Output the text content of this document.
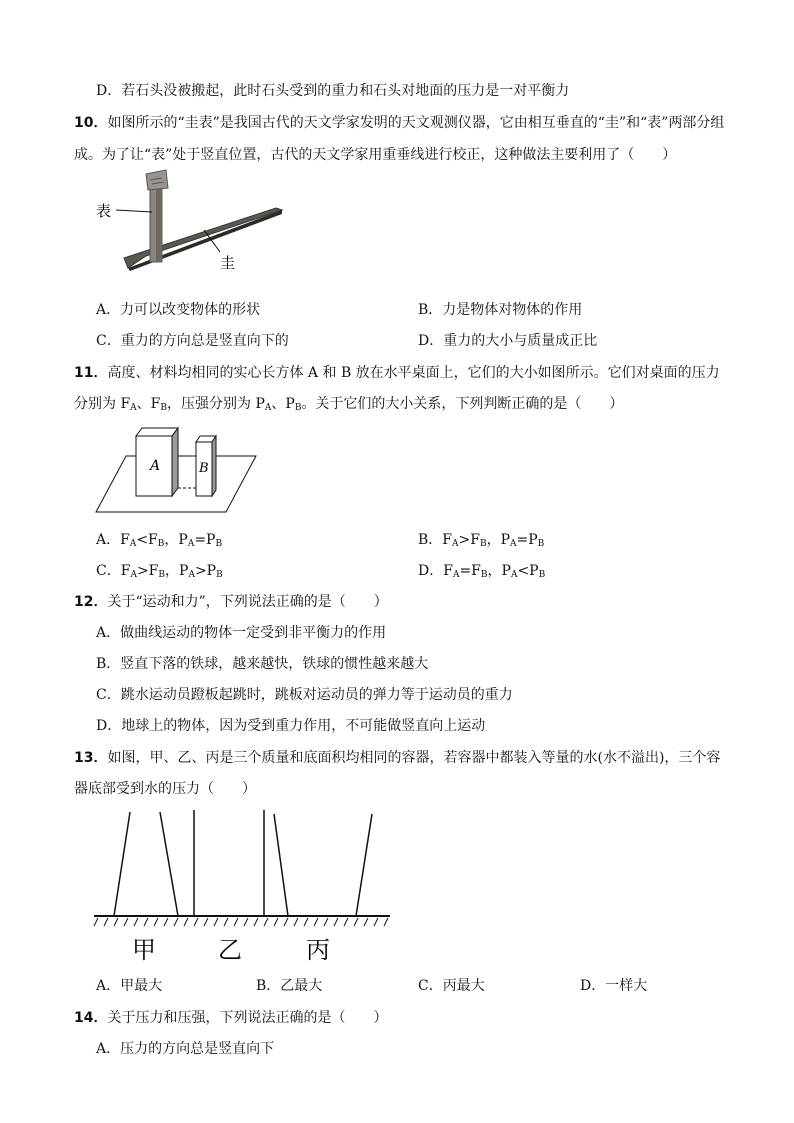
D．若石头没被搬起，此时石头受到的重力和石头对地面的压力是一对平衡力
10．如图所示的“圭表”是我国古代的天文学家发明的天文观测仪器，它由相互垂直的“圭”和“表”两部分组
成。为了让“表”处于竖直位置，古代的天文学家用重垂线进行校正，这种做法主要利用了（　　）
表
圭
A．力可以改变物体的形状	B．力是物体对物体的作用
C．重力的方向总是竖直向下的	D．重力的大小与质量成正比
11．高度、材料均相同的实心长方体 A 和 B 放在水平桌面上，它们的大小如图所示。它们对桌面的压力
分别为 $F_A$、$F_B$，压强分别为 $P_A$、$P_B$。关于它们的大小关系，下列判断正确的是（　　）
A	B
A．$F_A<F_B$，$P_A=P_B$	B．$F_A>F_B$，$P_A=P_B$
C．$F_A>F_B$，$P_A>P_B$	D．$F_A=F_B$，$P_A<P_B$
12．关于“运动和力”，下列说法正确的是（　　）
A．做曲线运动的物体一定受到非平衡力的作用
B．竖直下落的铁球，越来越快，铁球的惯性越来越大
C．跳水运动员蹬板起跳时，跳板对运动员的弹力等于运动员的重力
D．地球上的物体，因为受到重力作用，不可能做竖直向上运动
13．如图，甲、乙、丙是三个质量和底面积均相同的容器，若容器中都装入等量的水(水不溢出)，三个容
器底部受到水的压力（　　）
甲	乙	丙
A．甲最大	B．乙最大	C．丙最大	D．一样大
14．关于压力和压强，下列说法正确的是（　　）
A．压力的方向总是竖直向下
